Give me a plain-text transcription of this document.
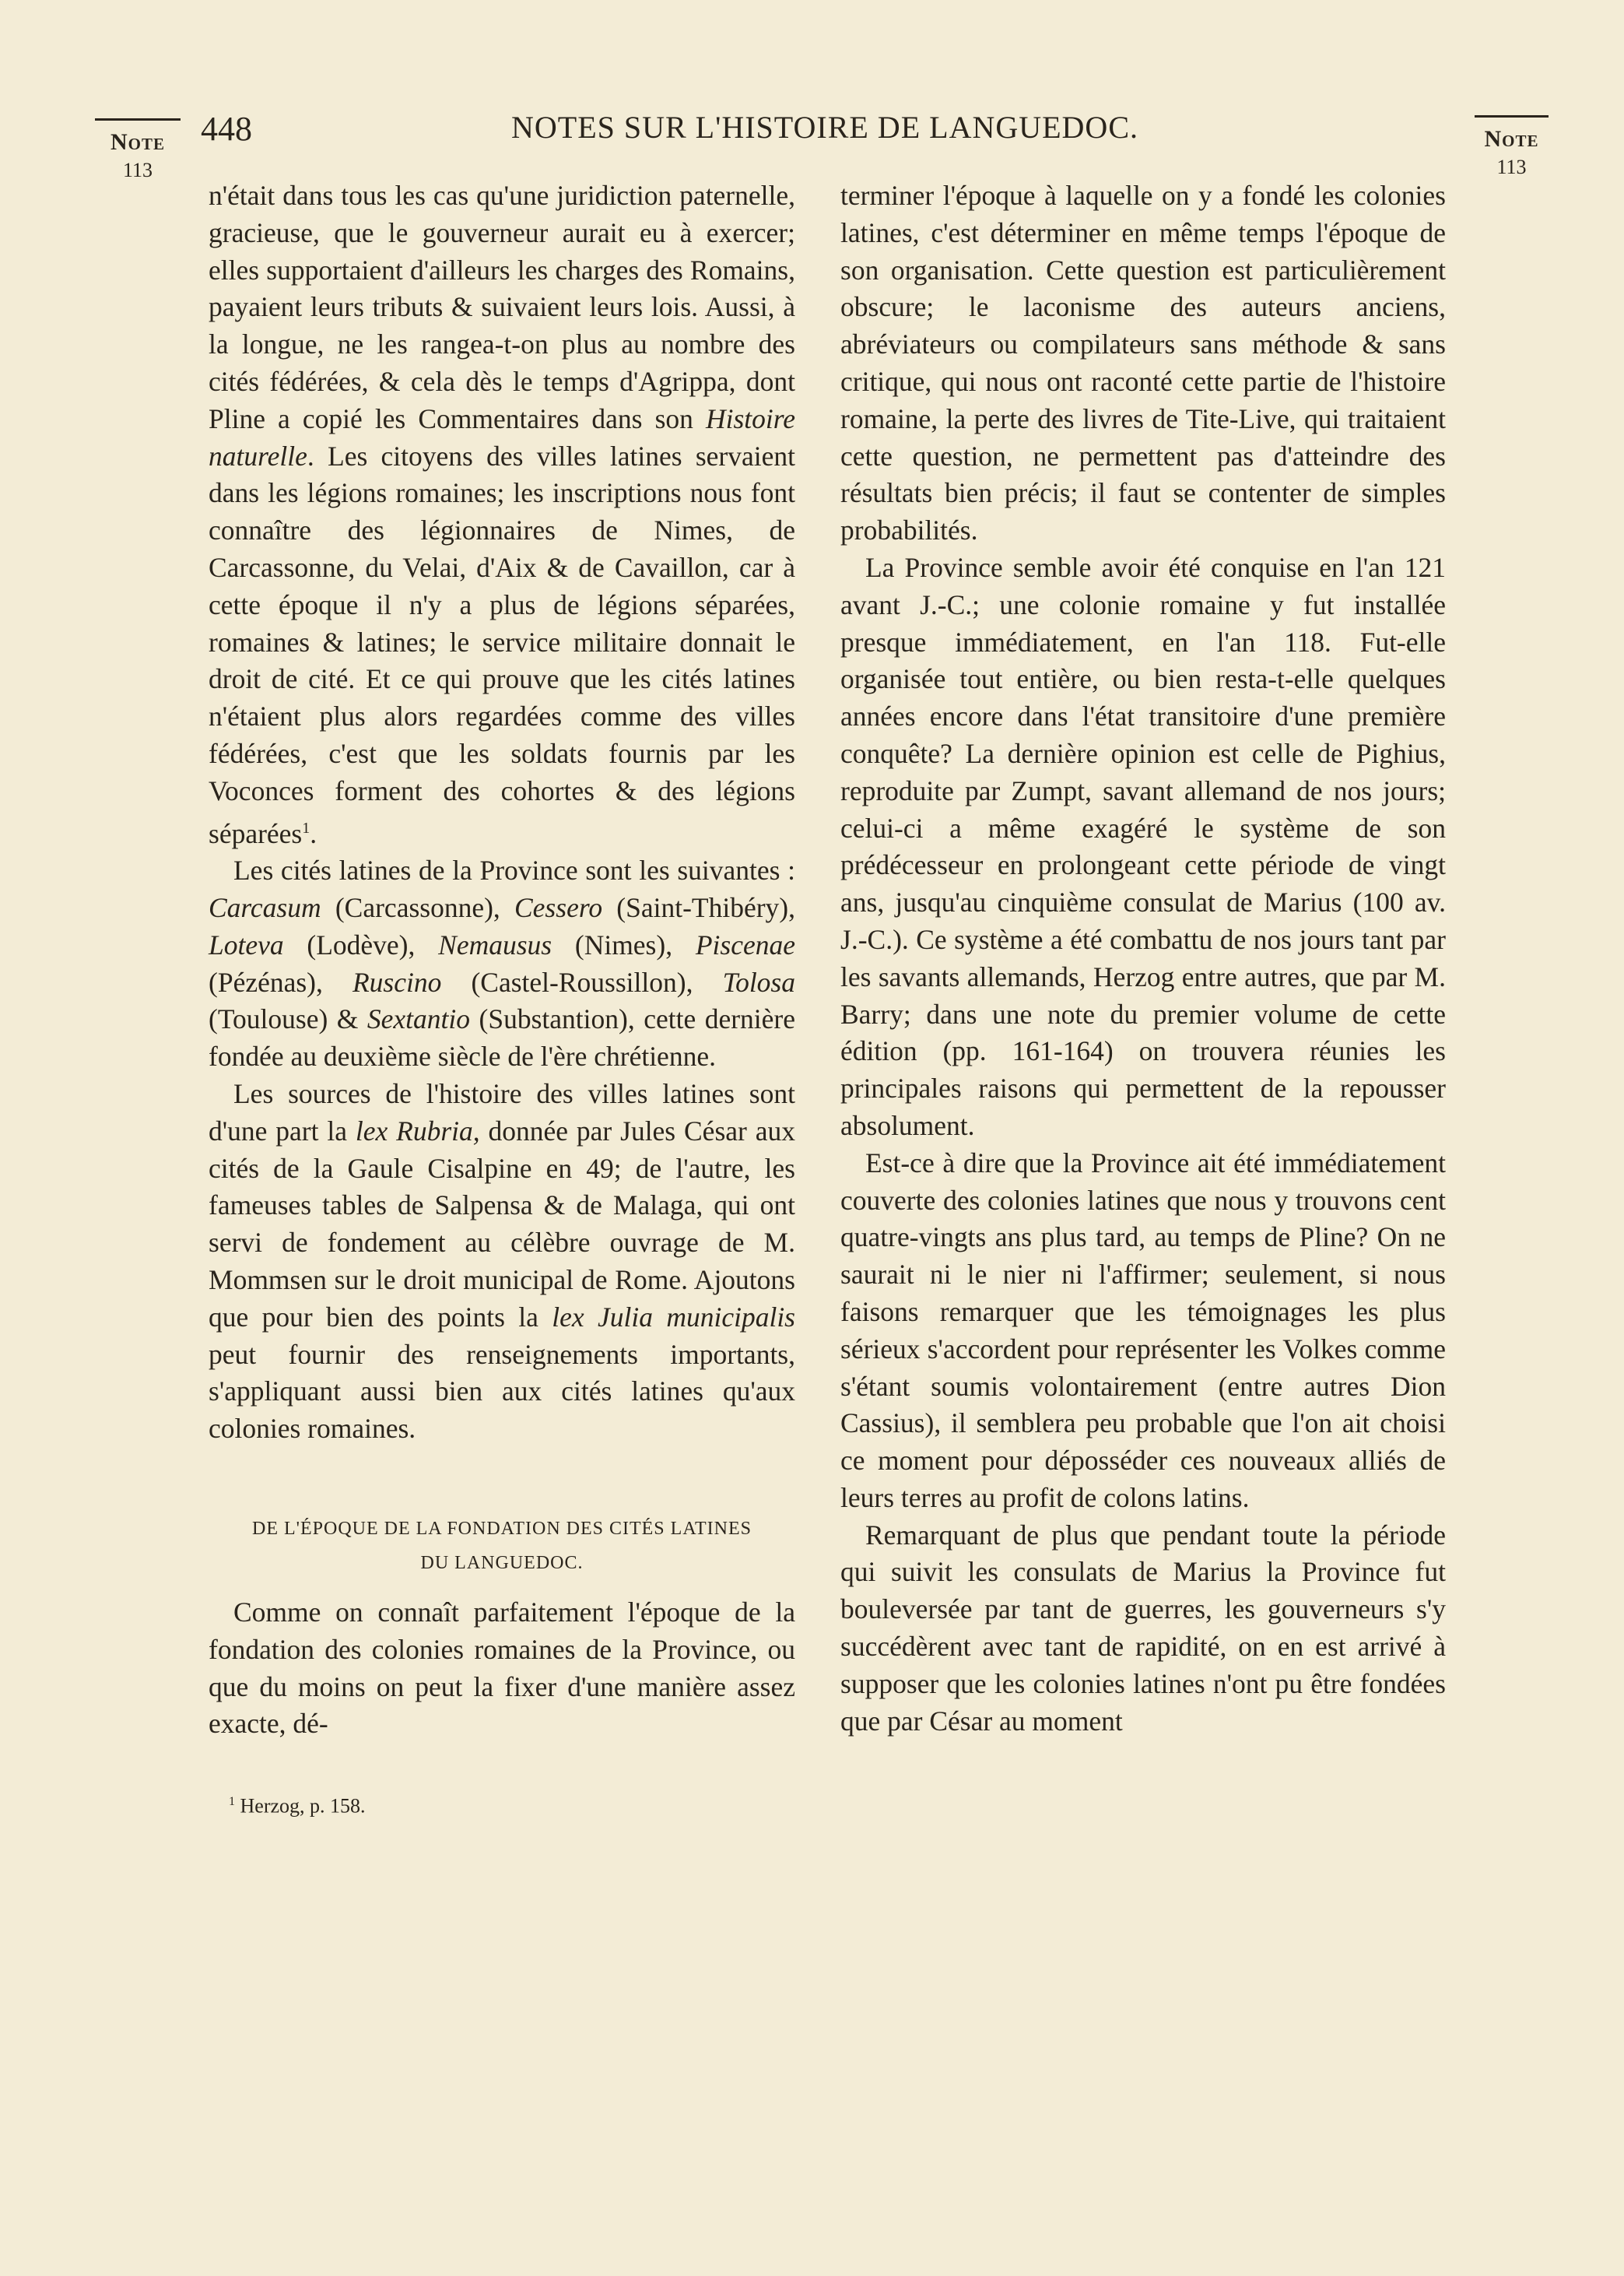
Note
113
Note
113
448	NOTES SUR L'HISTOIRE DE LANGUEDOC.

n'était dans tous les cas qu'une juridiction paternelle, gracieuse, que le gouverneur aurait eu à exercer; elles supportaient d'ailleurs les charges des Romains, payaient leurs tributs & suivaient leurs lois. Aussi, à la longue, ne les rangea-t-on plus au nombre des cités fédérées, & cela dès le temps d'Agrippa, dont Pline a copié les Commentaires dans son Histoire naturelle. Les citoyens des villes latines servaient dans les légions romaines; les inscriptions nous font connaître des légionnaires de Nimes, de Carcassonne, du Velai, d'Aix & de Cavaillon, car à cette époque il n'y a plus de légions séparées, romaines & latines; le service militaire donnait le droit de cité. Et ce qui prouve que les cités latines n'étaient plus alors regardées comme des villes fédérées, c'est que les soldats fournis par les Voconces forment des cohortes & des légions séparées$^1$.

Les cités latines de la Province sont les suivantes : Carcasum (Carcassonne), Cessero (Saint-Thibéry), Loteva (Lodève), Nemausus (Nimes), Piscenae (Pézénas), Ruscino (Castel-Roussillon), Tolosa (Toulouse) & Sextantio (Substantion), cette dernière fondée au deuxième siècle de l'ère chrétienne.

Les sources de l'histoire des villes latines sont d'une part la lex Rubria, donnée par Jules César aux cités de la Gaule Cisalpine en 49; de l'autre, les fameuses tables de Salpensa & de Malaga, qui ont servi de fondement au célèbre ouvrage de M. Mommsen sur le droit municipal de Rome. Ajoutons que pour bien des points la lex Julia municipalis peut fournir des renseignements importants, s'appliquant aussi bien aux cités latines qu'aux colonies romaines.

DE L'ÉPOQUE DE LA FONDATION DES CITÉS LATINES
DU LANGUEDOC.

Comme on connaît parfaitement l'époque de la fondation des colonies romaines de la Province, ou que du moins on peut la fixer d'une manière assez exacte, dé-

$^1$ Herzog, p. 158.

terminer l'époque à laquelle on y a fondé les colonies latines, c'est déterminer en même temps l'époque de son organisation. Cette question est particulièrement obscure; le laconisme des auteurs anciens, abréviateurs ou compilateurs sans méthode & sans critique, qui nous ont raconté cette partie de l'histoire romaine, la perte des livres de Tite-Live, qui traitaient cette question, ne permettent pas d'atteindre des résultats bien précis; il faut se contenter de simples probabilités.

La Province semble avoir été conquise en l'an 121 avant J.-C.; une colonie romaine y fut installée presque immédiatement, en l'an 118. Fut-elle organisée tout entière, ou bien resta-t-elle quelques années encore dans l'état transitoire d'une première conquête? La dernière opinion est celle de Pighius, reproduite par Zumpt, savant allemand de nos jours; celui-ci a même exagéré le système de son prédécesseur en prolongeant cette période de vingt ans, jusqu'au cinquième consulat de Marius (100 av. J.-C.). Ce système a été combattu de nos jours tant par les savants allemands, Herzog entre autres, que par M. Barry; dans une note du premier volume de cette édition (pp. 161-164) on trouvera réunies les principales raisons qui permettent de la repousser absolument.

Est-ce à dire que la Province ait été immédiatement couverte des colonies latines que nous y trouvons cent quatre-vingts ans plus tard, au temps de Pline? On ne saurait ni le nier ni l'affirmer; seulement, si nous faisons remarquer que les témoignages les plus sérieux s'accordent pour représenter les Volkes comme s'étant soumis volontairement (entre autres Dion Cassius), il semblera peu probable que l'on ait choisi ce moment pour déposséder ces nouveaux alliés de leurs terres au profit de colons latins.

Remarquant de plus que pendant toute la période qui suivit les consulats de Marius la Province fut bouleversée par tant de guerres, les gouverneurs s'y succédèrent avec tant de rapidité, on en est arrivé à supposer que les colonies latines n'ont pu être fondées que par César au moment
